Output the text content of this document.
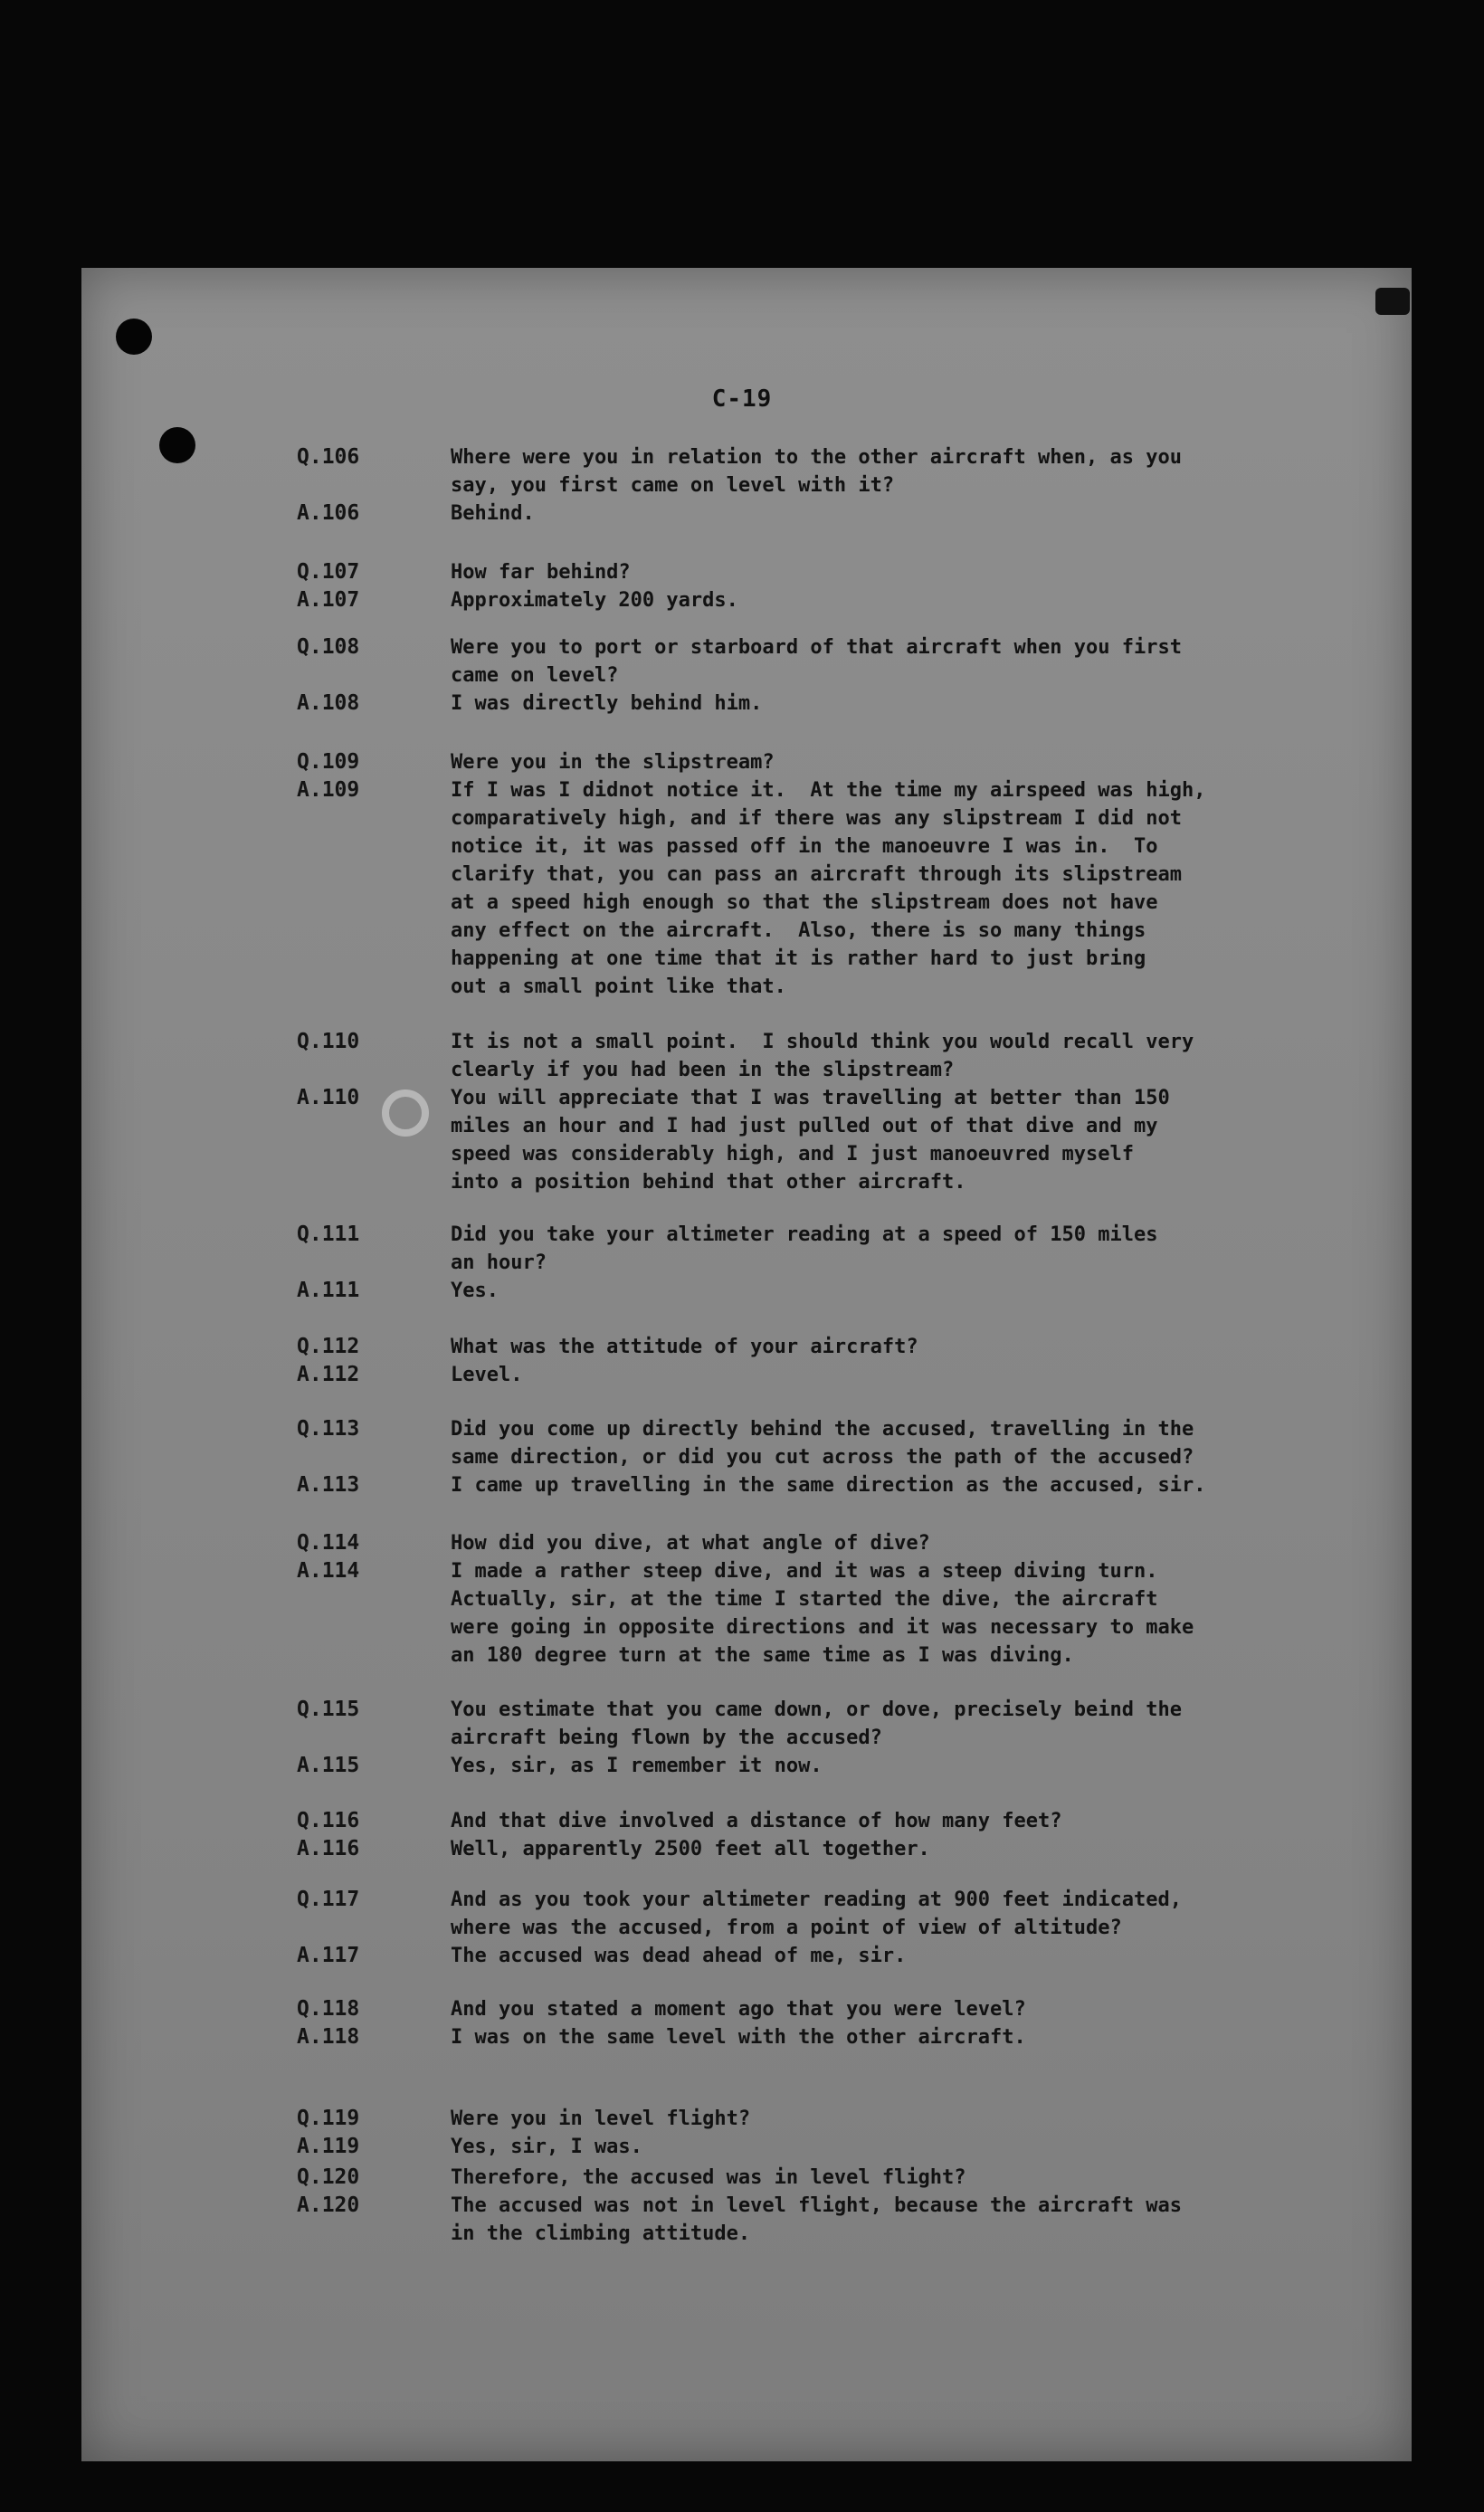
C-19
Q.106	Where were you in relation to the other aircraft when, as you
say, you first came on level with it?
A.106	Behind.
Q.107	How far behind?
A.107	Approximately 200 yards.
Q.108	Were you to port or starboard of that aircraft when you first
came on level?
A.108	I was directly behind him.
Q.109	Were you in the slipstream?
A.109	If I was I didnot notice it.  At the time my airspeed was high,
comparatively high, and if there was any slipstream I did not
notice it, it was passed off in the manoeuvre I was in.  To
clarify that, you can pass an aircraft through its slipstream
at a speed high enough so that the slipstream does not have
any effect on the aircraft.  Also, there is so many things
happening at one time that it is rather hard to just bring
out a small point like that.
Q.110	It is not a small point.  I should think you would recall very
clearly if you had been in the slipstream?
A.110	You will appreciate that I was travelling at better than 150
miles an hour and I had just pulled out of that dive and my
speed was considerably high, and I just manoeuvred myself
into a position behind that other aircraft.
Q.111	Did you take your altimeter reading at a speed of 150 miles
an hour?
A.111	Yes.
Q.112	What was the attitude of your aircraft?
A.112	Level.
Q.113	Did you come up directly behind the accused, travelling in the
same direction, or did you cut across the path of the accused?
A.113	I came up travelling in the same direction as the accused, sir.
Q.114	How did you dive, at what angle of dive?
A.114	I made a rather steep dive, and it was a steep diving turn.
Actually, sir, at the time I started the dive, the aircraft
were going in opposite directions and it was necessary to make
an 180 degree turn at the same time as I was diving.
Q.115	You estimate that you came down, or dove, precisely beind the
aircraft being flown by the accused?
A.115	Yes, sir, as I remember it now.
Q.116	And that dive involved a distance of how many feet?
A.116	Well, apparently 2500 feet all together.
Q.117	And as you took your altimeter reading at 900 feet indicated,
where was the accused, from a point of view of altitude?
A.117	The accused was dead ahead of me, sir.
Q.118	And you stated a moment ago that you were level?
A.118	I was on the same level with the other aircraft.
Q.119	Were you in level flight?
A.119	Yes, sir, I was.
Q.120	Therefore, the accused was in level flight?
A.120	The accused was not in level flight, because the aircraft was
in the climbing attitude.
